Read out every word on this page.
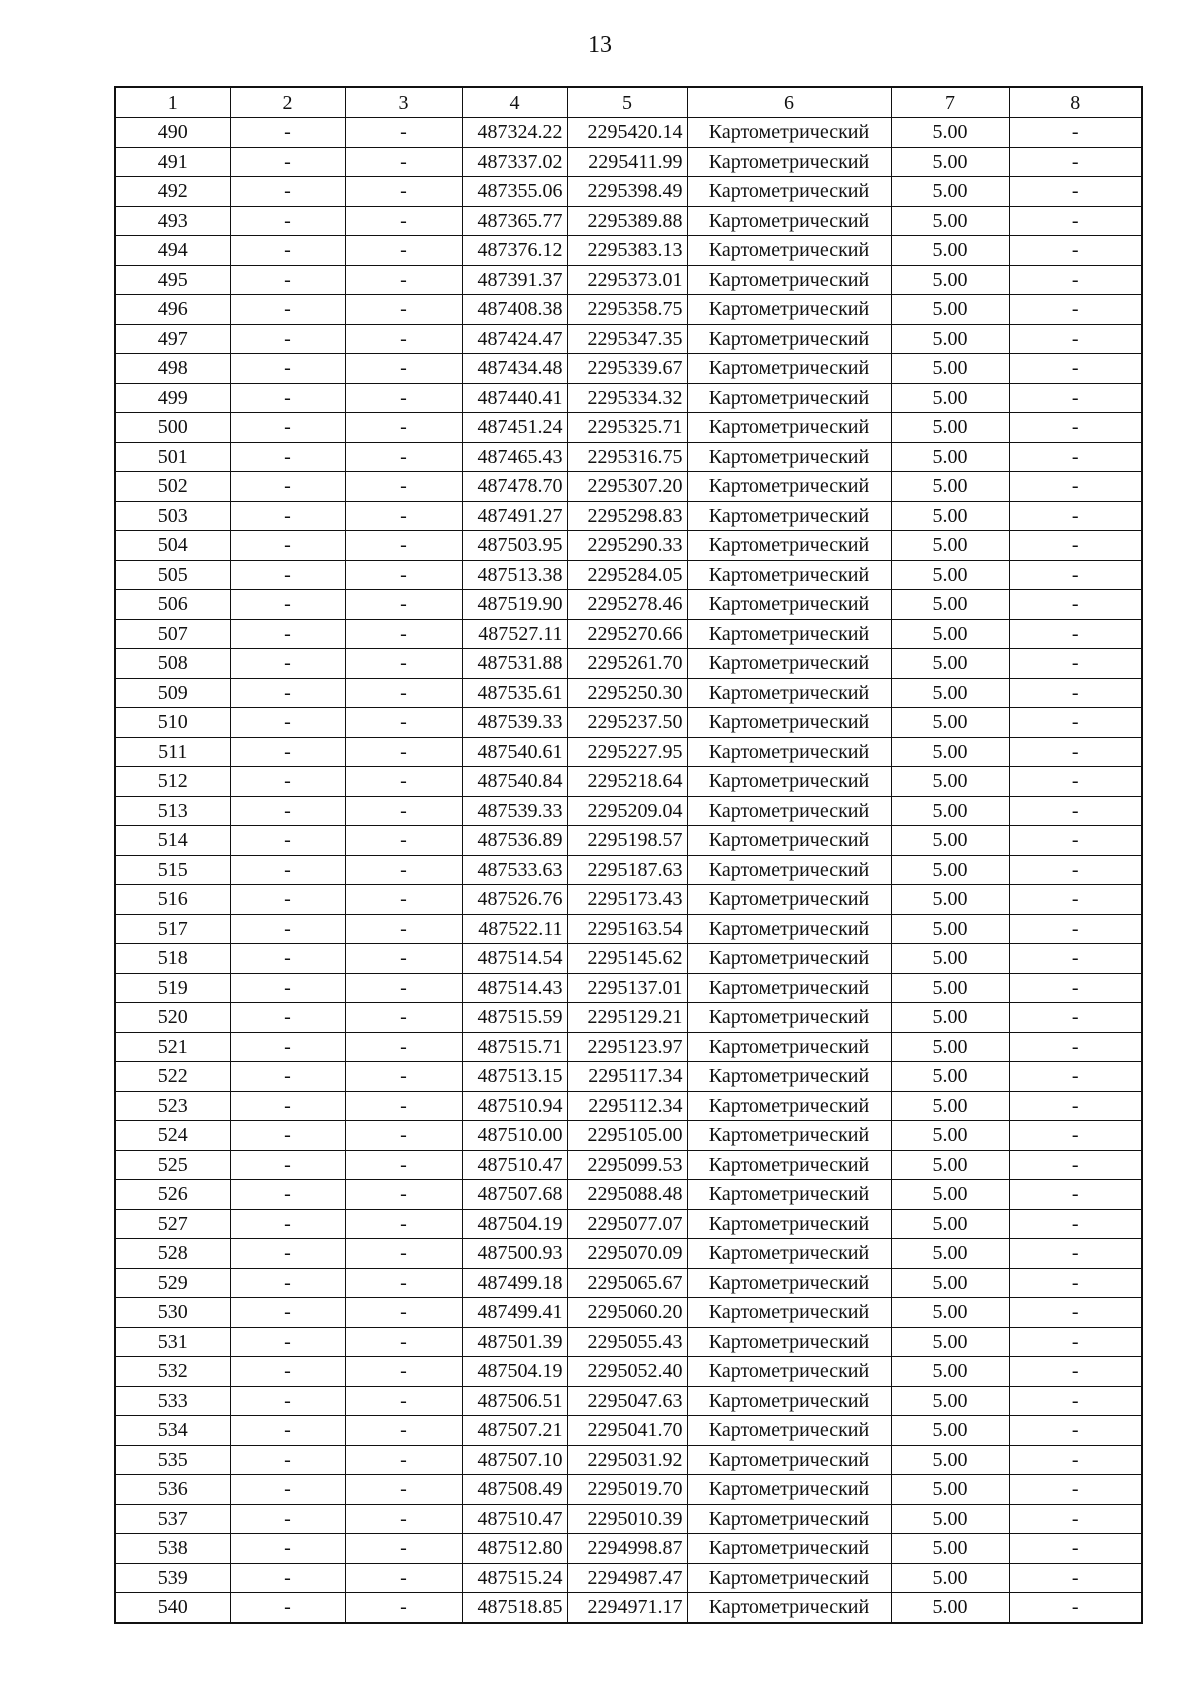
13
1	2	3	4	5	6	7	8
490	-	-	487324.22	2295420.14	Картометрический	5.00	-
491	-	-	487337.02	2295411.99	Картометрический	5.00	-
492	-	-	487355.06	2295398.49	Картометрический	5.00	-
493	-	-	487365.77	2295389.88	Картометрический	5.00	-
494	-	-	487376.12	2295383.13	Картометрический	5.00	-
495	-	-	487391.37	2295373.01	Картометрический	5.00	-
496	-	-	487408.38	2295358.75	Картометрический	5.00	-
497	-	-	487424.47	2295347.35	Картометрический	5.00	-
498	-	-	487434.48	2295339.67	Картометрический	5.00	-
499	-	-	487440.41	2295334.32	Картометрический	5.00	-
500	-	-	487451.24	2295325.71	Картометрический	5.00	-
501	-	-	487465.43	2295316.75	Картометрический	5.00	-
502	-	-	487478.70	2295307.20	Картометрический	5.00	-
503	-	-	487491.27	2295298.83	Картометрический	5.00	-
504	-	-	487503.95	2295290.33	Картометрический	5.00	-
505	-	-	487513.38	2295284.05	Картометрический	5.00	-
506	-	-	487519.90	2295278.46	Картометрический	5.00	-
507	-	-	487527.11	2295270.66	Картометрический	5.00	-
508	-	-	487531.88	2295261.70	Картометрический	5.00	-
509	-	-	487535.61	2295250.30	Картометрический	5.00	-
510	-	-	487539.33	2295237.50	Картометрический	5.00	-
511	-	-	487540.61	2295227.95	Картометрический	5.00	-
512	-	-	487540.84	2295218.64	Картометрический	5.00	-
513	-	-	487539.33	2295209.04	Картометрический	5.00	-
514	-	-	487536.89	2295198.57	Картометрический	5.00	-
515	-	-	487533.63	2295187.63	Картометрический	5.00	-
516	-	-	487526.76	2295173.43	Картометрический	5.00	-
517	-	-	487522.11	2295163.54	Картометрический	5.00	-
518	-	-	487514.54	2295145.62	Картометрический	5.00	-
519	-	-	487514.43	2295137.01	Картометрический	5.00	-
520	-	-	487515.59	2295129.21	Картометрический	5.00	-
521	-	-	487515.71	2295123.97	Картометрический	5.00	-
522	-	-	487513.15	2295117.34	Картометрический	5.00	-
523	-	-	487510.94	2295112.34	Картометрический	5.00	-
524	-	-	487510.00	2295105.00	Картометрический	5.00	-
525	-	-	487510.47	2295099.53	Картометрический	5.00	-
526	-	-	487507.68	2295088.48	Картометрический	5.00	-
527	-	-	487504.19	2295077.07	Картометрический	5.00	-
528	-	-	487500.93	2295070.09	Картометрический	5.00	-
529	-	-	487499.18	2295065.67	Картометрический	5.00	-
530	-	-	487499.41	2295060.20	Картометрический	5.00	-
531	-	-	487501.39	2295055.43	Картометрический	5.00	-
532	-	-	487504.19	2295052.40	Картометрический	5.00	-
533	-	-	487506.51	2295047.63	Картометрический	5.00	-
534	-	-	487507.21	2295041.70	Картометрический	5.00	-
535	-	-	487507.10	2295031.92	Картометрический	5.00	-
536	-	-	487508.49	2295019.70	Картометрический	5.00	-
537	-	-	487510.47	2295010.39	Картометрический	5.00	-
538	-	-	487512.80	2294998.87	Картометрический	5.00	-
539	-	-	487515.24	2294987.47	Картометрический	5.00	-
540	-	-	487518.85	2294971.17	Картометрический	5.00	-
